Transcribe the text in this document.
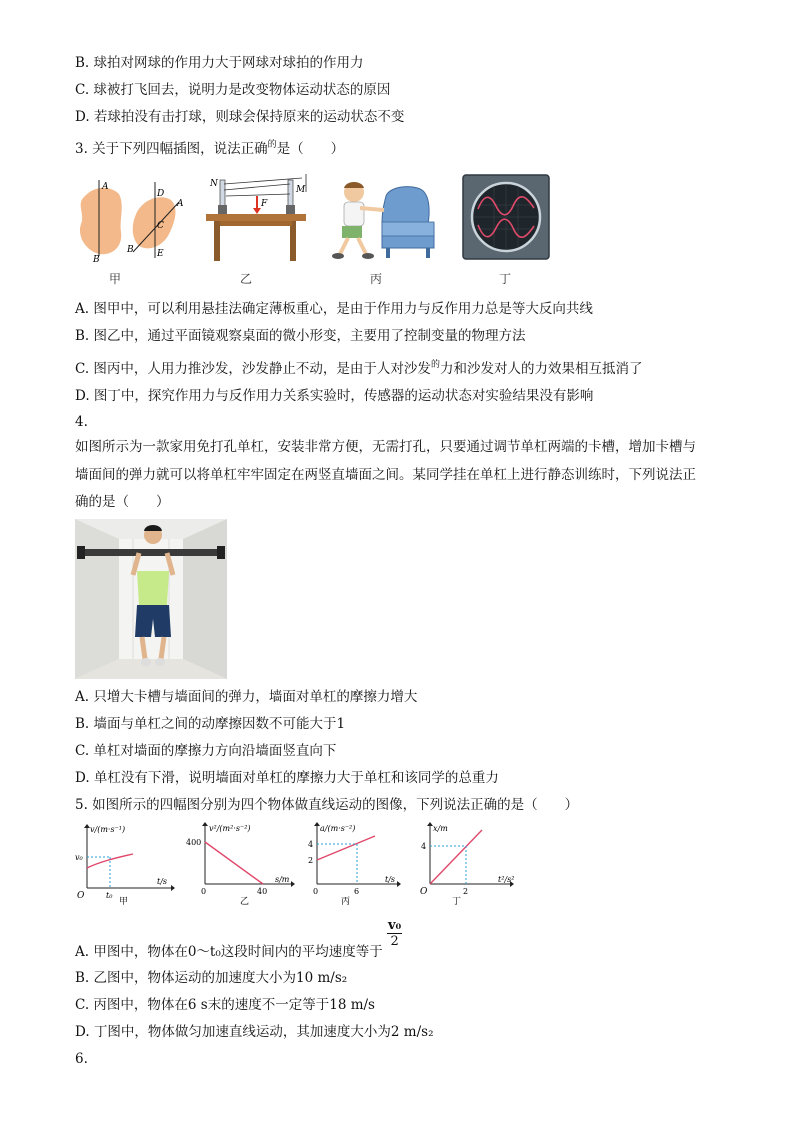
B. 球拍对网球的作用力大于网球对球拍的作用力
C. 球被打飞回去，说明力是改变物体运动状态的原因
D. 若球拍没有击打球，则球会保持原来的运动状态不变
3. 关于下列四幅插图，说法正确$^的$是（　　）
A
B
D
A
C
B	E
甲
N
M
F
乙	丙	丁
A. 图甲中，可以利用悬挂法确定薄板重心，是由于作用力与反作用力总是等大反向共线
B. 图乙中，通过平面镜观察桌面的微小形变，主要用了控制变量的物理方法
C. 图丙中，人用力推沙发，沙发静止不动，是由于人对沙发$^的$力和沙发对人的力效果相互抵消了
D. 图丁中，探究作用力与反作用力关系实验时，传感器的运动状态对实验结果没有影响
4.
如图所示为一款家用免打孔单杠，安装非常方便，无需打孔，只要通过调节单杠两端的卡槽，增加卡槽与
墙面间的弹力就可以将单杠牢牢固定在两竖直墙面之间。某同学挂在单杠上进行静态训练时，下列说法正
确的是（　　）
A. 只增大卡槽与墙面间的弹力，墙面对单杠的摩擦力增大
B. 墙面与单杠之间的动摩擦因数不可能大于1
C. 单杠对墙面的摩擦力方向沿墙面竖直向下
D. 单杠没有下滑，说明墙面对单杠的摩擦力大于单杠和该同学的总重力
5. 如图所示的四幅图分别为四个物体做直线运动的图像，下列说法正确的是（　　）
v/(m·s⁻¹)
t/s
v₀
t₀
O
甲
v²/(m²·s⁻²)
s/m
400
40
0
乙
a/(m·s⁻²)
t/s
4
2
6
0
丙
x/m
t²/s²
4
2
O
丁
$\frac{\text{v₀}}{2}$
A. 甲图中，物体在0～t₀这段时间内的平均速度等于
B. 乙图中，物体运动的加速度大小为10 m/s₂
C. 丙图中，物体在6 s末的速度不一定等于18 m/s
D. 丁图中，物体做匀加速直线运动，其加速度大小为2 m/s₂
6.
